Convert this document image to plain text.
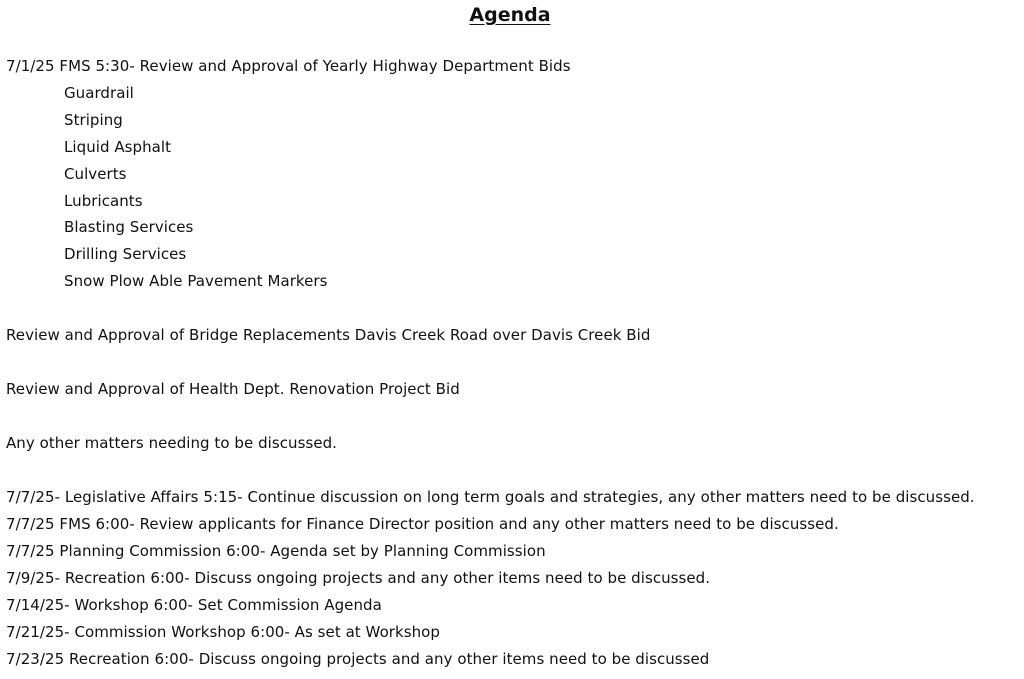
Agenda
7/1/25 FMS 5:30- Review and Approval of Yearly Highway Department Bids
Guardrail
Striping
Liquid Asphalt
Culverts
Lubricants
Blasting Services
Drilling Services
Snow Plow Able Pavement Markers
Review and Approval of Bridge Replacements Davis Creek Road over Davis Creek Bid
Review and Approval of Health Dept. Renovation Project Bid
Any other matters needing to be discussed.
7/7/25- Legislative Affairs 5:15- Continue discussion on long term goals and strategies, any other matters need to be discussed.
7/7/25 FMS 6:00- Review applicants for Finance Director position and any other matters need to be discussed.
7/7/25 Planning Commission 6:00- Agenda set by Planning Commission
7/9/25- Recreation 6:00- Discuss ongoing projects and any other items need to be discussed.
7/14/25- Workshop 6:00- Set Commission Agenda
7/21/25- Commission Workshop 6:00- As set at Workshop
7/23/25 Recreation 6:00- Discuss ongoing projects and any other items need to be discussed
